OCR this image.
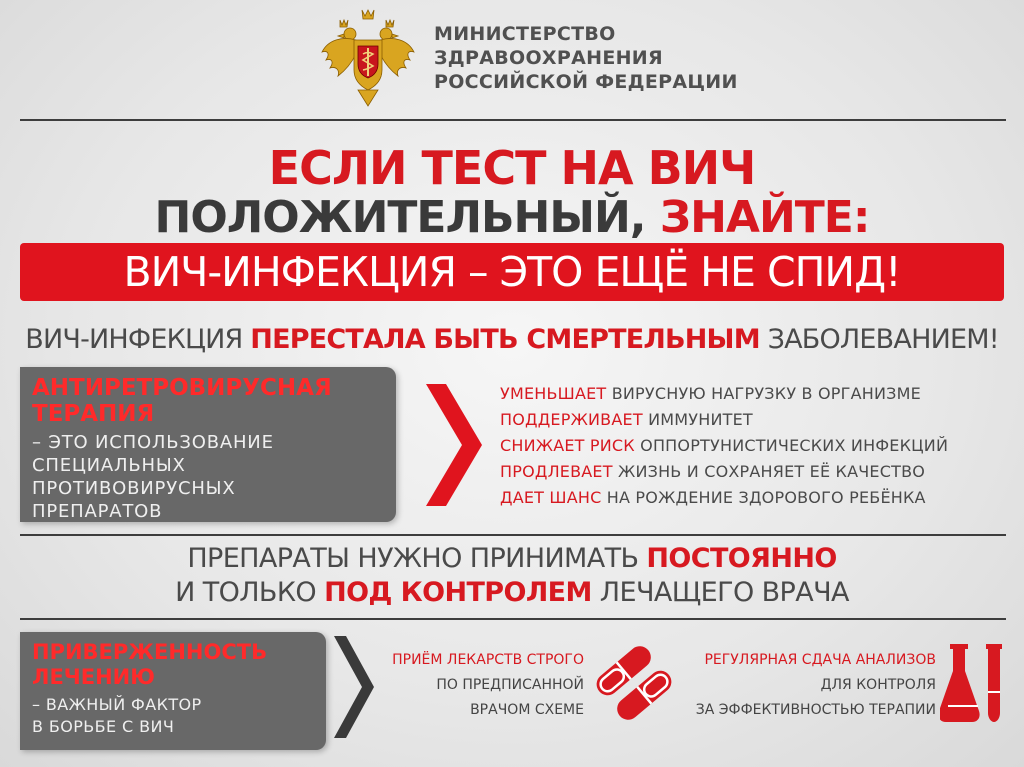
МИНИСТЕРСТВО
ЗДРАВООХРАНЕНИЯ
РОССИЙСКОЙ ФЕДЕРАЦИИ
ЕСЛИ ТЕСТ НА ВИЧ
ПОЛОЖИТЕЛЬНЫЙ, ЗНАЙТЕ:
ВИЧ-ИНФЕКЦИЯ – ЭТО ЕЩЁ НЕ СПИД!
ВИЧ-ИНФЕКЦИЯ ПЕРЕСТАЛА БЫТЬ СМЕРТЕЛЬНЫМ ЗАБОЛЕВАНИЕМ!
АНТИРЕТРОВИРУСНАЯ
ТЕРАПИЯ
– ЭТО ИСПОЛЬЗОВАНИЕ
СПЕЦИАЛЬНЫХ
ПРОТИВОВИРУСНЫХ
ПРЕПАРАТОВ
УМЕНЬШАЕТ ВИРУСНУЮ НАГРУЗКУ В ОРГАНИЗМЕ
ПОДДЕРЖИВАЕТ ИММУНИТЕТ
СНИЖАЕТ РИСК ОППОРТУНИСТИЧЕСКИХ ИНФЕКЦИЙ
ПРОДЛЕВАЕТ ЖИЗНЬ И СОХРАНЯЕТ ЕЁ КАЧЕСТВО
ДАЕТ ШАНС НА РОЖДЕНИЕ ЗДОРОВОГО РЕБЁНКА
ПРЕПАРАТЫ НУЖНО ПРИНИМАТЬ ПОСТОЯННО
И ТОЛЬКО ПОД КОНТРОЛЕМ ЛЕЧАЩЕГО ВРАЧА
ПРИВЕРЖЕННОСТЬ
ЛЕЧЕНИЮ
– ВАЖНЫЙ ФАКТОР
В БОРЬБЕ С ВИЧ
ПРИЁМ ЛЕКАРСТВ СТРОГО
ПО ПРЕДПИСАННОЙ
ВРАЧОМ СХЕМЕ
РЕГУЛЯРНАЯ СДАЧА АНАЛИЗОВ
ДЛЯ КОНТРОЛЯ
ЗА ЭФФЕКТИВНОСТЬЮ ТЕРАПИИ
